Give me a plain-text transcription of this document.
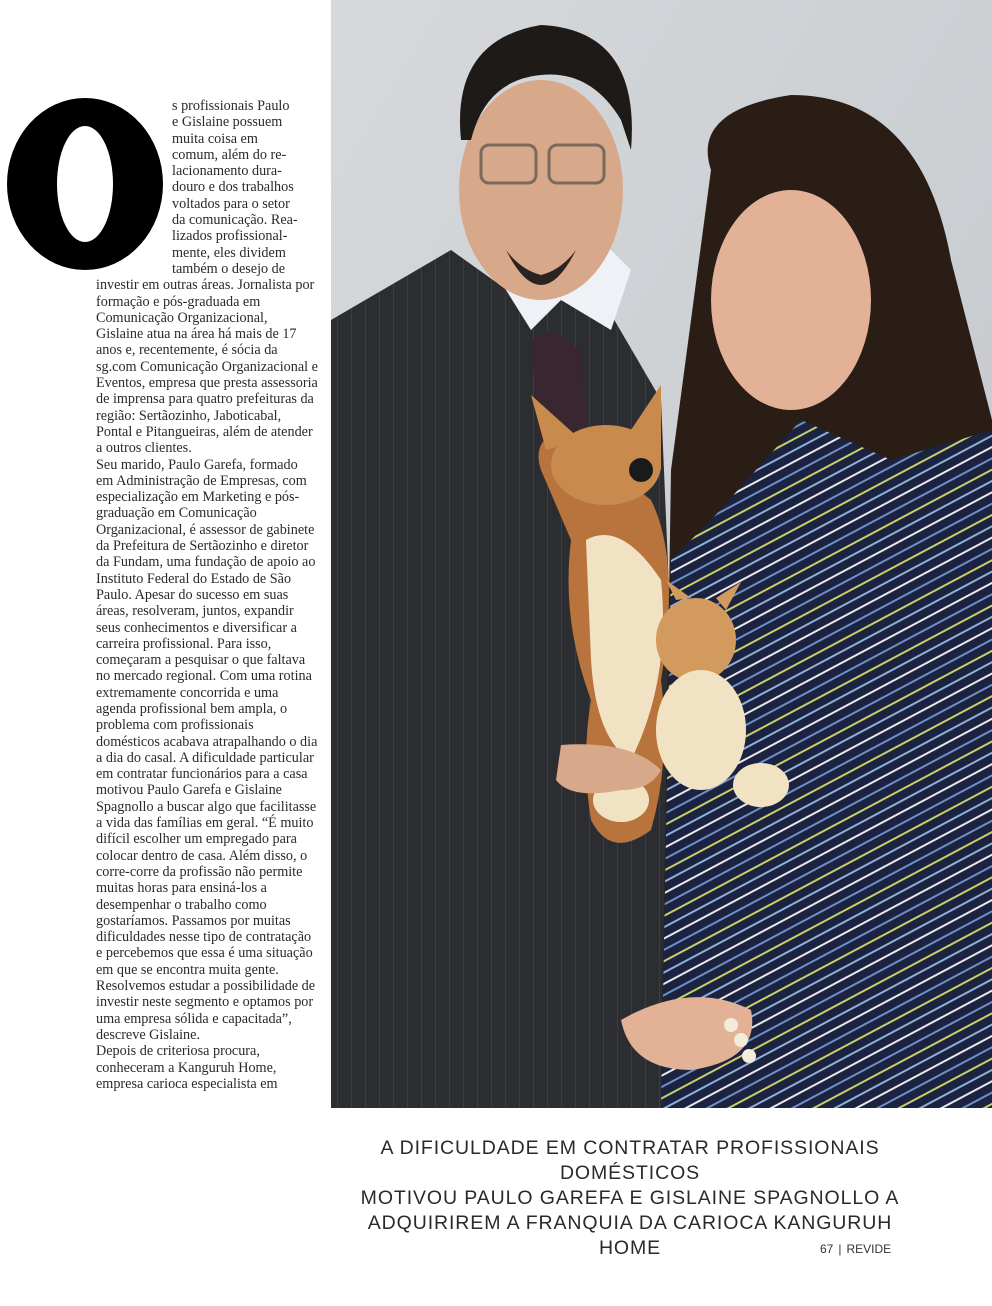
s profissionais Paulo
e Gislaine possuem
muita coisa em
comum, além do re-
lacionamento dura-
douro e dos trabalhos
voltados para o setor
da comunicação. Rea-
lizados profissional-
mente, eles dividem
também o desejo de

investir em outras áreas. Jornalista por formação e pós-graduada em Comunicação Organizacional, Gislaine atua na área há mais de 17 anos e, recentemente, é sócia da sg.com Comunicação Organizacional e Eventos, empresa que presta assessoria de imprensa para quatro prefeituras da região: Sertãozinho, Jaboticabal, Pontal e Pitangueiras, além de atender a outros clientes.

Seu marido, Paulo Garefa, formado em Administração de Empresas, com especialização em Marketing e pós-graduação em Comunicação Organizacional, é assessor de gabinete da Prefeitura de Sertãozinho e diretor da Fundam, uma fundação de apoio ao Instituto Federal do Estado de São Paulo. Apesar do sucesso em suas áreas, resolveram, juntos, expandir seus conhecimentos e diversificar a carreira profissional. Para isso, começaram a pesquisar o que faltava no mercado regional. Com uma rotina extremamente concorrida e uma agenda profissional bem ampla, o problema com profissionais domésticos acabava atrapalhando o dia a dia do casal. A dificuldade particular em contratar funcionários para a casa motivou Paulo Garefa e Gislaine Spagnollo a buscar algo que facilitasse a vida das famílias em geral. “É muito difícil escolher um empregado para colocar dentro de casa. Além disso, o corre-corre da profissão não permite muitas horas para ensiná-los a desempenhar o trabalho como gostaríamos. Passamos por muitas dificuldades nesse tipo de contratação e percebemos que essa é uma situação em que se encontra muita gente. Resolvemos estudar a possibilidade de investir neste segmento e optamos por uma empresa sólida e capacitada”, descreve Gislaine.

Depois de criteriosa procura, conheceram a Kanguruh Home, empresa carioca especialista em

A DIFICULDADE EM CONTRATAR PROFISSIONAIS DOMÉSTICOS
MOTIVOU PAULO GAREFA E GISLAINE SPAGNOLLO A
ADQUIRIREM A FRANQUIA DA CARIOCA KANGURUH HOME	67 | REVIDE
